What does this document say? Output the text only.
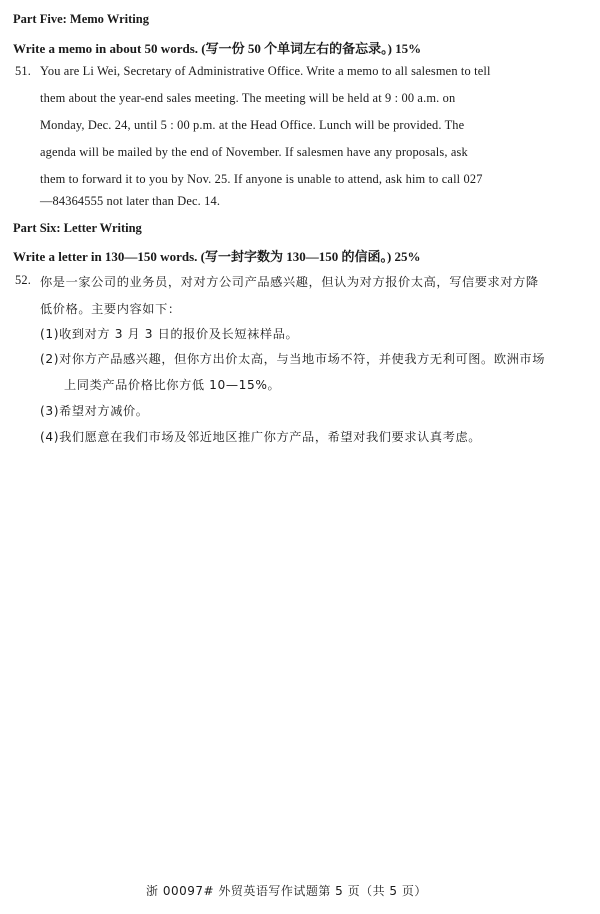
Part Five: Memo Writing
Write a memo in about 50 words. (写一份 50 个单词左右的备忘录。) 15%
51. You are Li Wei, Secretary of Administrative Office. Write a memo to all salesmen to tell
them about the year-end sales meeting. The meeting will be held at 9 : 00 a.m. on
Monday, Dec. 24, until 5 : 00 p.m. at the Head Office. Lunch will be provided. The
agenda will be mailed by the end of November. If salesmen have any proposals, ask
them to forward it to you by Nov. 25. If anyone is unable to attend, ask him to call 027
—84364555 not later than Dec. 14.
Part Six: Letter Writing
Write a letter in 130—150 words. (写一封字数为 130—150 的信函。) 25%
52. 你是一家公司的业务员，对对方公司产品感兴趣，但认为对方报价太高，写信要求对方降
低价格。主要内容如下：
(1)收到对方 3 月 3 日的报价及长短袜样品。
(2)对你方产品感兴趣，但你方出价太高，与当地市场不符，并使我方无利可图。欧洲市场
上同类产品价格比你方低 10—15%。
(3)希望对方减价。
(4)我们愿意在我们市场及邻近地区推广你方产品，希望对我们要求认真考虑。
浙 00097# 外贸英语写作试题第 5 页（共 5 页）
